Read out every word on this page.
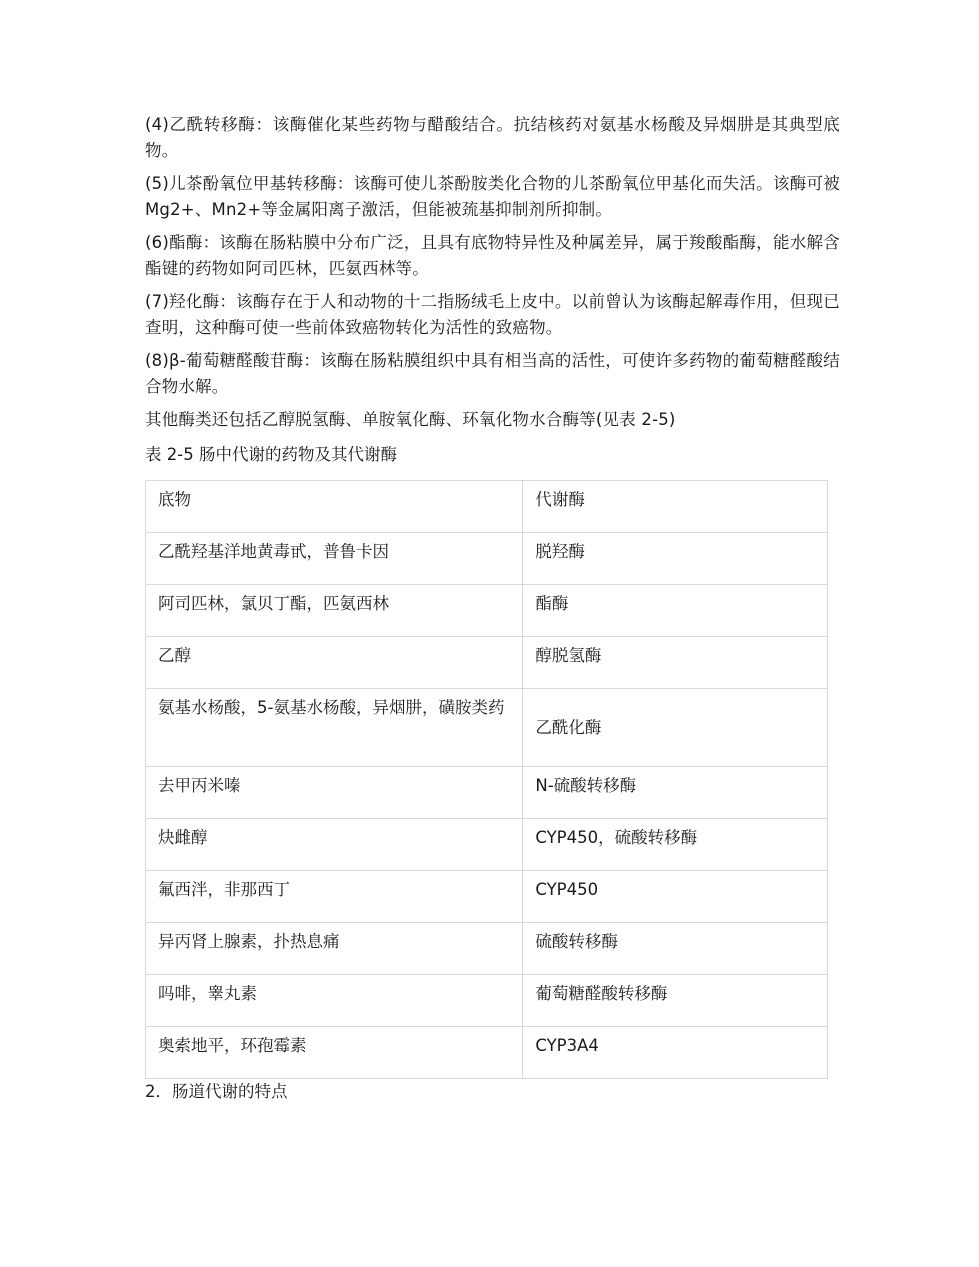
(4)乙酰转移酶：该酶催化某些药物与醋酸结合。抗结核药对氨基水杨酸及异烟肼是其典型底物。

(5)儿茶酚氧位甲基转移酶：该酶可使儿茶酚胺类化合物的儿茶酚氧位甲基化而失活。该酶可被 Mg2+、Mn2+等金属阳离子激活，但能被巯基抑制剂所抑制。

(6)酯酶：该酶在肠粘膜中分布广泛，且具有底物特异性及种属差异，属于羧酸酯酶，能水解含酯键的药物如阿司匹林，匹氨西林等。

(7)羟化酶：该酶存在于人和动物的十二指肠绒毛上皮中。以前曾认为该酶起解毒作用，但现已查明，这种酶可使一些前体致癌物转化为活性的致癌物。

(8)β-葡萄糖醛酸苷酶：该酶在肠粘膜组织中具有相当高的活性，可使许多药物的葡萄糖醛酸结合物水解。

其他酶类还包括乙醇脱氢酶、单胺氧化酶、环氧化物水合酶等(见表 2-5)

表 2-5 肠中代谢的药物及其代谢酶

底物	代谢酶
乙酰羟基洋地黄毒甙，普鲁卡因	脱羟酶
阿司匹林，氯贝丁酯，匹氨西林	酯酶
乙醇	醇脱氢酶
氨基水杨酸，5-氨基水杨酸，异烟肼，磺胺类药	乙酰化酶
去甲丙米嗪	N-硫酸转移酶
炔雌醇	CYP450，硫酸转移酶
氟西泮，非那西丁	CYP450
异丙肾上腺素，扑热息痛	硫酸转移酶
吗啡，睾丸素	葡萄糖醛酸转移酶
奥索地平，环孢霉素	CYP3A4
2．肠道代谢的特点
